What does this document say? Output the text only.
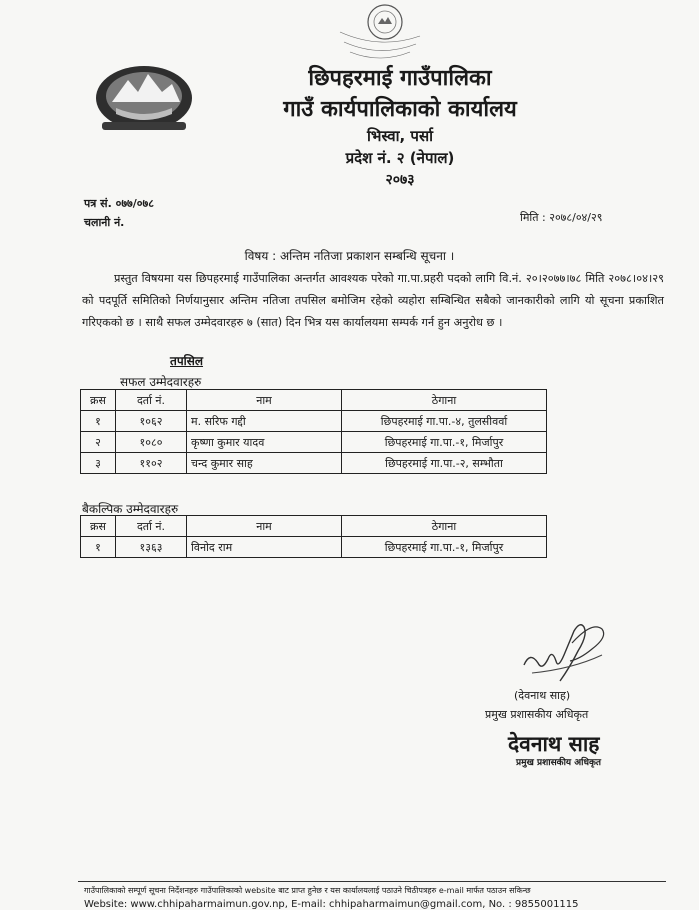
छिपहरमाई गाउँपालिका
गाउँ कार्यपालिकाको कार्यालय
भिस्वा, पर्सा
प्रदेश नं. २ (नेपाल)
२०७३
पत्र सं. ०७७/०७८
चलानी नं.	मिति : २०७८/०४/२९
विषय : अन्तिम नतिजा प्रकाशन सम्बन्धि सूचना ।
प्रस्तुत विषयमा यस छिपहरमाई गाउँपालिका अन्तर्गत आवश्यक परेको गा.पा.प्रहरी पदको लागि वि.नं. २०।२०७७।७८ मिति २०७८।०४।२९ को पदपूर्ति समितिको निर्णयानुसार अन्तिम नतिजा तपसिल बमोजिम रहेको व्यहोरा सम्बिन्धित सबैको जानकारीको लागि यो सूचना प्रकाशित गरिएकको छ । साथै सफल उम्मेदवारहरु ७ (सात) दिन भित्र यस कार्यालयमा सम्पर्क गर्न हुन अनुरोध छ ।
तपसिल
सफल उम्मेदवारहरु
क्रस	दर्ता नं.	नाम	ठेगाना
१	१०६२	म. सरिफ गद्दी	छिपहरमाई गा.पा.-४, तुलसीवर्वा
२	१०८०	कृष्णा कुमार यादव	छिपहरमाई गा.पा.-१, मिर्जापुर
३	११०२	चन्द कुमार साह	छिपहरमाई गा.पा.-२, सम्भौता
बैकल्पिक उम्मेदवारहरु
क्रस	दर्ता नं.	नाम	ठेगाना
१	१३६३	विनोद राम	छिपहरमाई गा.पा.-१, मिर्जापुर
(देवनाथ साह)
प्रमुख प्रशासकीय अधिकृत
देवनाथ साह
प्रमुख प्रशासकीय अधिकृत
गाउँपालिकाको सम्पूर्ण सूचना निर्देशनहरु गाउँपालिकाको website बाट प्राप्त हुनेछ र यस कार्यालयलाई पठाउने चिठीपत्रहरु e-mail मार्फत पठाउन सकिन्छ
Website: www.chhipaharmaimun.gov.np, E-mail: chhipaharmaimun@gmail.com, No. : 9855001115
